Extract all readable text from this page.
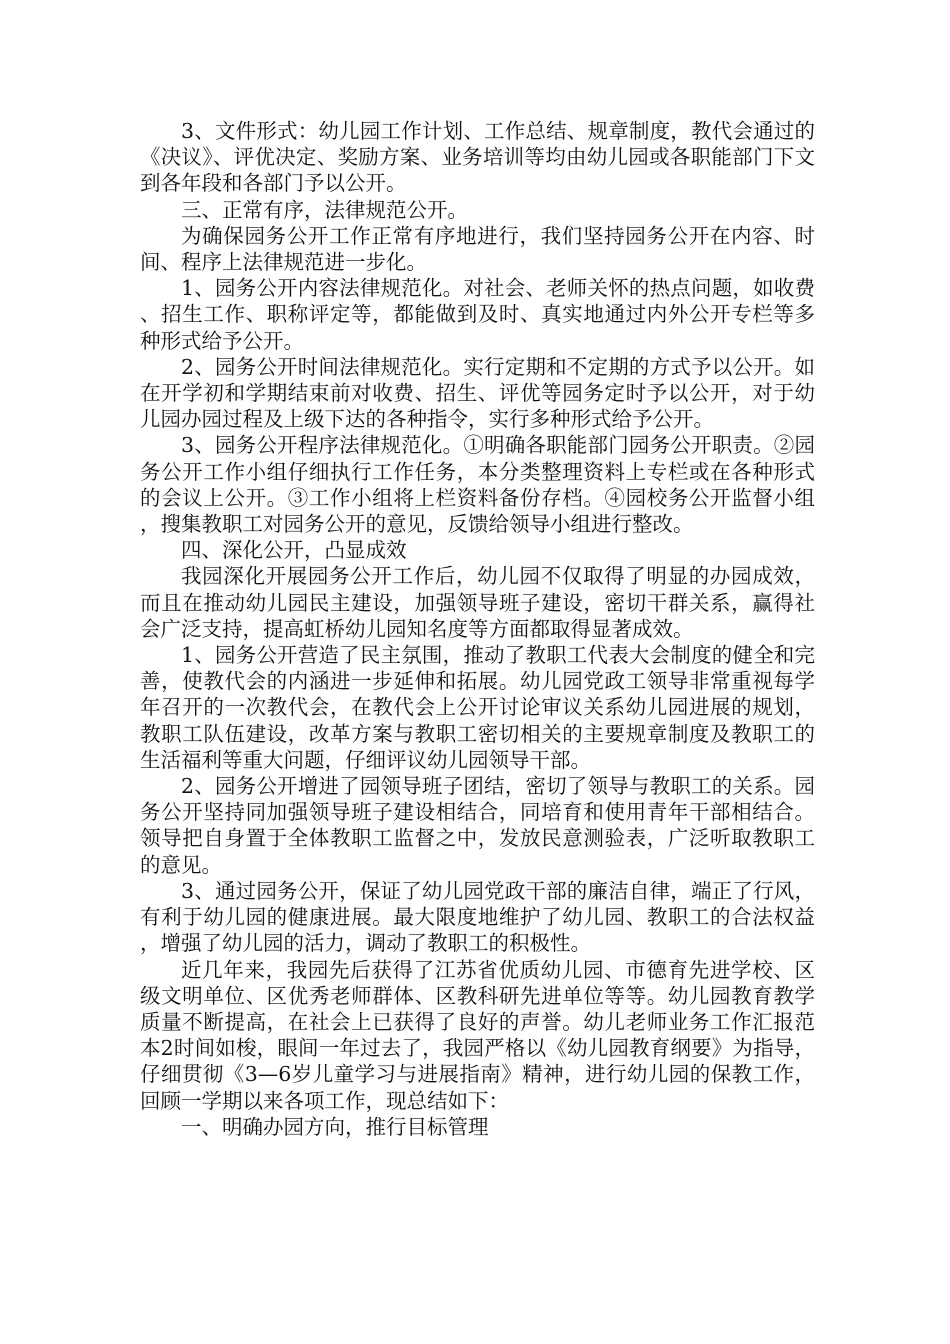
3、文件形式：幼儿园工作计划、工作总结、规章制度，教代会通过的《决议》、评优决定、奖励方案、业务培训等均由幼儿园或各职能部门下文到各年段和各部门予以公开。

三、正常有序，法律规范公开。

为确保园务公开工作正常有序地进行，我们坚持园务公开在内容、时间、程序上法律规范进一步化。

1、园务公开内容法律规范化。对社会、老师关怀的热点问题，如收费、招生工作、职称评定等，都能做到及时、真实地通过内外公开专栏等多种形式给予公开。

2、园务公开时间法律规范化。实行定期和不定期的方式予以公开。如在开学初和学期结束前对收费、招生、评优等园务定时予以公开，对于幼儿园办园过程及上级下达的各种指令，实行多种形式给予公开。

3、园务公开程序法律规范化。①明确各职能部门园务公开职责。②园务公开工作小组仔细执行工作任务，本分类整理资料上专栏或在各种形式的会议上公开。③工作小组将上栏资料备份存档。④园校务公开监督小组，搜集教职工对园务公开的意见，反馈给领导小组进行整改。

四、深化公开，凸显成效

我园深化开展园务公开工作后，幼儿园不仅取得了明显的办园成效，而且在推动幼儿园民主建设，加强领导班子建设，密切干群关系，赢得社会广泛支持，提高虹桥幼儿园知名度等方面都取得显著成效。

1、园务公开营造了民主氛围，推动了教职工代表大会制度的健全和完善，使教代会的内涵进一步延伸和拓展。幼儿园党政工领导非常重视每学年召开的一次教代会，在教代会上公开讨论审议关系幼儿园进展的规划，教职工队伍建设，改革方案与教职工密切相关的主要规章制度及教职工的生活福利等重大问题，仔细评议幼儿园领导干部。

2、园务公开增进了园领导班子团结，密切了领导与教职工的关系。园务公开坚持同加强领导班子建设相结合，同培育和使用青年干部相结合。领导把自身置于全体教职工监督之中，发放民意测验表，广泛听取教职工的意见。

3、通过园务公开，保证了幼儿园党政干部的廉洁自律，端正了行风，有利于幼儿园的健康进展。最大限度地维护了幼儿园、教职工的合法权益，增强了幼儿园的活力，调动了教职工的积极性。

近几年来，我园先后获得了江苏省优质幼儿园、市德育先进学校、区级文明单位、区优秀老师群体、区教科研先进单位等等。幼儿园教育教学质量不断提高，在社会上已获得了良好的声誉。幼儿老师业务工作汇报范本2时间如梭，眼间一年过去了，我园严格以《幼儿园教育纲要》为指导，仔细贯彻《3—6岁儿童学习与进展指南》精神，进行幼儿园的保教工作，回顾一学期以来各项工作，现总结如下：

一、明确办园方向，推行目标管理
